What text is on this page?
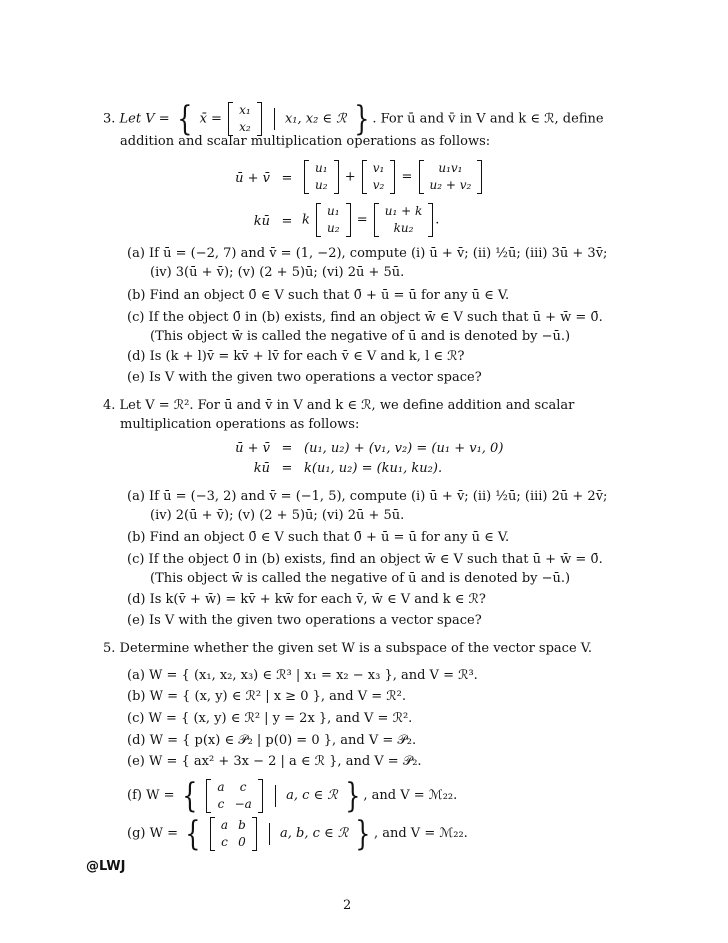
3. Let V = { x̄ =
x₁
x₂
x₁, x₂ ∈ ℛ } . For ū and v̄ in V and k ∈ ℛ, define
addition and scalar multiplication operations as follows:
ū + v̄ =
u₁
u₂
+
v₁
v₂
=
u₁v₁
u₂ + v₂
kū = k
u₁
u₂
=
u₁ + k
ku₂
.
(a) If ū = (−2, 7) and v̄ = (1, −2), compute (i) ū + v̄; (ii) ½ū; (iii) 3ū + 3v̄;
(iv) 3(ū + v̄); (v) (2 + 5)ū; (vi) 2ū + 5ū.
(b) Find an object 0̄ ∈ V such that 0̄ + ū = ū for any ū ∈ V.
(c) If the object 0̄ in (b) exists, find an object w̄ ∈ V such that ū + w̄ = 0̄.
(This object w̄ is called the negative of ū and is denoted by −ū.)
(d) Is (k + l)v̄ = kv̄ + lv̄ for each v̄ ∈ V and k, l ∈ ℛ?
(e) Is V with the given two operations a vector space?
4. Let V = ℛ². For ū and v̄ in V and k ∈ ℛ, we define addition and scalar
multiplication operations as follows:
ū + v̄ = (u₁, u₂) + (v₁, v₂) = (u₁ + v₁, 0)
kū = k(u₁, u₂) = (ku₁, ku₂).
(a) If ū = (−3, 2) and v̄ = (−1, 5), compute (i) ū + v̄; (ii) ½ū; (iii) 2ū + 2v̄;
(iv) 2(ū + v̄); (v) (2 + 5)ū; (vi) 2ū + 5ū.
(b) Find an object 0̄ ∈ V such that 0̄ + ū = ū for any ū ∈ V.
(c) If the object 0̄ in (b) exists, find an object w̄ ∈ V such that ū + w̄ = 0̄.
(This object w̄ is called the negative of ū and is denoted by −ū.)
(d) Is k(v̄ + w̄) = kv̄ + kw̄ for each v̄, w̄ ∈ V and k ∈ ℛ?
(e) Is V with the given two operations a vector space?
5. Determine whether the given set W is a subspace of the vector space V.
(a) W = { (x₁, x₂, x₃) ∈ ℛ³ | x₁ = x₂ − x₃ }, and V = ℛ³.
(b) W = { (x, y) ∈ ℛ² | x ≥ 0 }, and V = ℛ².
(c) W = { (x, y) ∈ ℛ² | y = 2x }, and V = ℛ².
(d) W = { p(x) ∈ 𝒫₂ | p(0) = 0 }, and V = 𝒫₂.
(e) W = { ax² + 3x − 2 | a ∈ ℛ }, and V = 𝒫₂.
(f) W = { a	c
c	−a
a, c ∈ ℛ } , and V = ℳ₂₂.
(g) W = { a	b
c	0
a, b, c ∈ ℛ } , and V = ℳ₂₂.
@LWJ
2
